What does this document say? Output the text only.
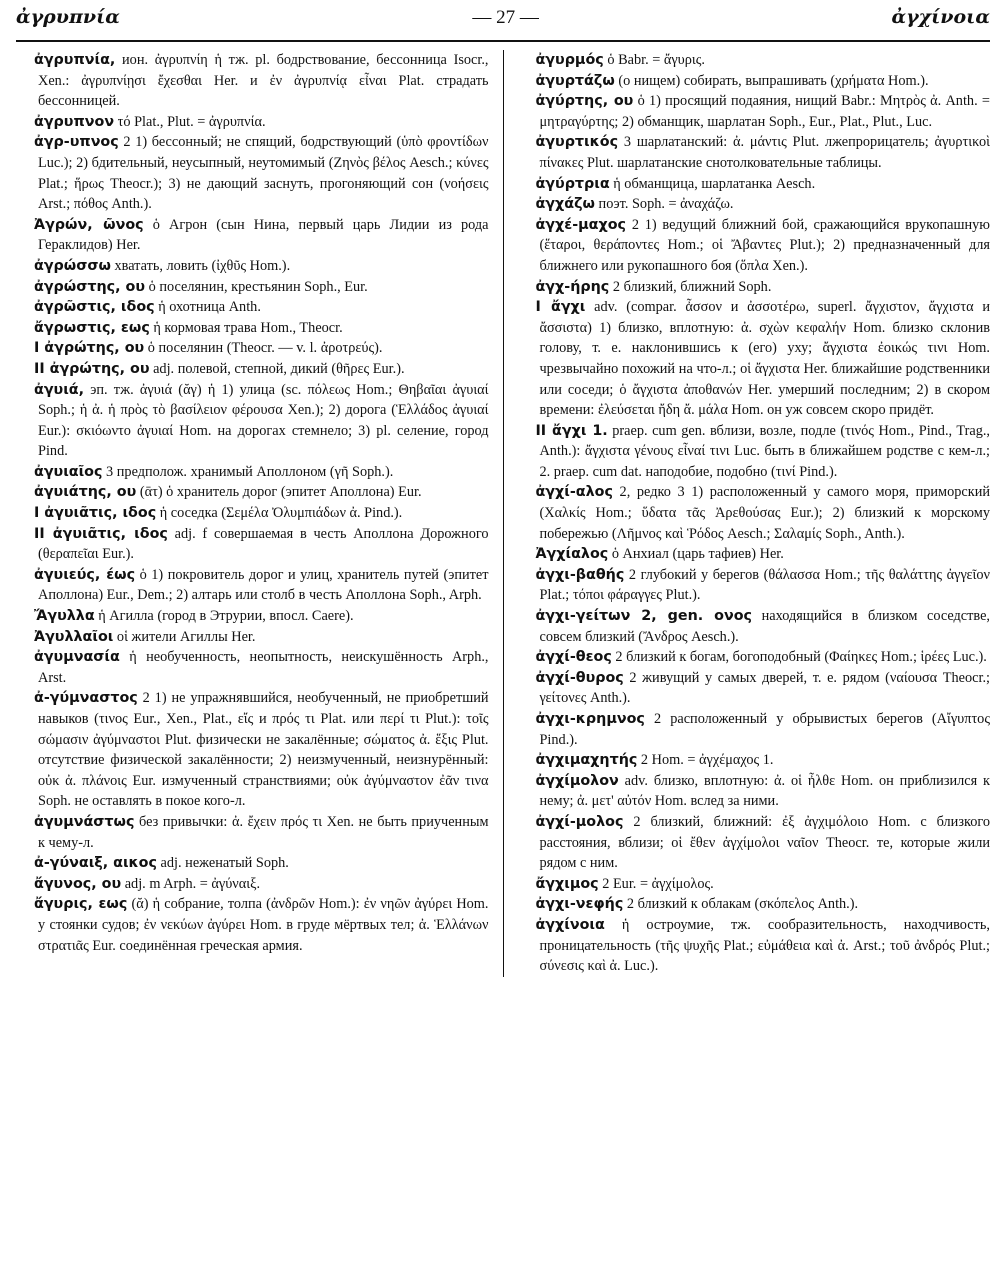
ἀγρυπνία	— 27 —	ἀγχίνοια

ἀγρυπνία, ион. ἀγρυπνίη ἡ тж. pl. бодрствование, бессонница Isocr., Xen.: ἀγρυπνίῃσι ἔχεσθαι Her. и ἐν ἀγρυπνίᾳ εἶναι Plat. страдать бессонницей.

ἀγρυπνον τό Plat., Plut. = ἀγρυπνία.

ἀγρ-υπνος 2 1) бессонный; не спящий, бодрствующий (ὑπὸ φροντίδων Luc.); 2) бдительный, неусыпный, неутомимый (Ζηνὸς βέλος Aesch.; κύνες Plat.; ἥρως Theocr.); 3) не дающий заснуть, прогоняющий сон (νοήσεις Arst.; πόθος Anth.).

Ἀγρών, ῶνος ὁ Агрон (сын Нина, первый царь Лидии из рода Гераклидов) Her.

ἀγρώσσω хватать, ловить (ἰχθῦς Hom.).

ἀγρώστης, ου ὁ поселянин, крестьянин Soph., Eur.

ἀγρῶστις, ιδος ἡ охотница Anth.

ἄγρωστις, εως ἡ кормовая трава Hom., Theocr.

I ἀγρώτης, ου ὁ поселянин (Theocr. — v. l. ἀροτρεύς).

II ἀγρώτης, ου adj. полевой, степной, дикий (θῆρες Eur.).

ἀγυιά, эп. тж. ἀγυιά (ᾰγ) ἡ 1) улица (sc. πόλεως Hom.; Θηβαῖαι ἀγυιαί Soph.; ἡ ἀ. ἡ πρὸς τὸ βασίλειον φέρουσα Xen.); 2) дорога (Ἑλλάδος ἀγυιαί Eur.): σκιόωντο ἀγυιαί Hom. на дорогах стемнело; 3) pl. селение, город Pind.

ἀγυιαῖος 3 предполож. хранимый Аполлоном (γῆ Soph.).

ἀγυιάτης, ου (ᾱτ) ὁ хранитель дорог (эпитет Аполлона) Eur.

I ἀγυιᾶτις, ιδος ἡ соседка (Σεμέλα Ὀλυμπιάδων ἀ. Pind.).

II ἀγυιᾶτις, ιδος adj. f совершаемая в честь Аполлона Дорожного (θεραπεῖαι Eur.).

ἀγυιεύς, έως ὁ 1) покровитель дорог и улиц, хранитель путей (эпитет Аполлона) Eur., Dem.; 2) алтарь или столб в честь Аполлона Soph., Arph.

Ἄγυλλα ἡ Агилла (город в Этрурии, впосл. Caere).

Ἀγυλλαῖοι οἱ жители Агиллы Her.

ἀγυμνασία ἡ необученность, неопытность, неискушённость Arph., Arst.

ἀ-γύμναστος 2 1) не упражнявшийся, необученный, не приобретший навыков (τινος Eur., Xen., Plat., εἴς и πρός τι Plat. или περί τι Plut.): τοῖς σώμασιν ἀγύμναστοι Plut. физически не закалённые; σώματος ἀ. ἕξις Plut. отсутствие физической закалённости; 2) неизмученный, неизнурённый: οὐκ ἀ. πλάνοις Eur. измученный странствиями; οὐκ ἀγύμναστον ἐᾶν τινα Soph. не оставлять в покое кого-л.

ἀγυμνάστως без привычки: ἀ. ἔχειν πρός τι Xen. не быть приученным к чему-л.

ἀ-γύναιξ, αικος adj. неженатый Soph.

ἄγυνος, ου adj. m Arph. = ἀγύναιξ.

ἄγυρις, εως (ᾰ) ἡ собрание, толпа (ἀνδρῶν Hom.): ἐν νηῶν ἀγύρει Hom. у стоянки судов; ἐν νεκύων ἀγύρει Hom. в груде мёртвых тел; ἀ. Ἑλλάνων στρατιᾶς Eur. соединённая греческая армия.

ἀγυρμός ὁ Babr. = ἄγυρις.

ἀγυρτάζω (о нищем) собирать, выпрашивать (χρήματα Hom.).

ἀγύρτης, ου ὁ 1) просящий подаяния, нищий Babr.: Μητρὸς ἀ. Anth. = μητραγύρτης; 2) обманщик, шарлатан Soph., Eur., Plat., Plut., Luc.

ἀγυρτικός 3 шарлатанский: ἀ. μάντις Plut. лжепрорицатель; ἀγυρτικοὶ πίνακες Plut. шарлатанские снотолковательные таблицы.

ἀγύρτρια ἡ обманщица, шарлатанка Aesch.

ἀγχάζω поэт. Soph. = ἀναχάζω.

ἀγχέ-μαχος 2 1) ведущий ближний бой, сражающийся врукопашную (ἕταροι, θεράποντες Hom.; οἱ Ἄβαντες Plut.); 2) предназначенный для ближнего или рукопашного боя (ὅπλα Xen.).

ἀγχ-ήρης 2 близкий, ближний Soph.

I ἄγχι adv. (compar. ἆσσον и ἀσσοτέρω, superl. ἄγχιστον, ἄγχιστα и ἄσσιστα) 1) близко, вплотную: ἀ. σχὼν κεφαλήν Hom. близко склонив голову, т. е. наклонившись к (его) уху; ἄγχιστα ἐοικώς τινι Hom. чрезвычайно похожий на что-л.; οἱ ἄγχιστα Her. ближайшие родственники или соседи; ὁ ἄγχιστα ἀποθανών Her. умерший последним; 2) в скором времени: ἐλεύσεται ἤδη ἄ. μάλα Hom. он уж совсем скоро придёт.

II ἄγχι 1. praep. cum gen. вблизи, возле, подле (τινός Hom., Pind., Trag., Anth.): ἄγχιστα γένους εἶναί τινι Luc. быть в ближайшем родстве с кем-л.; 2. praep. cum dat. наподобие, подобно (τινί Pind.).

ἀγχί-αλος 2, редко 3 1) расположенный у самого моря, приморский (Χαλκίς Hom.; ὕδατα τᾶς Ἀρεθούσας Eur.); 2) близкий к морскому побережью (Λῆμνος καὶ Ῥόδος Aesch.; Σαλαμίς Soph., Anth.).

Ἀγχίαλος ὁ Анхиал (царь тафиев) Her.

ἀγχι-βαθής 2 глубокий у берегов (θάλασσα Hom.; τῆς θαλάττης ἀγγεῖον Plat.; τόποι φάραγγες Plut.).

ἀγχι-γείτων 2, gen. ονος находящийся в близком соседстве, совсем близкий (Ἄνδρος Aesch.).

ἀγχί-θεος 2 близкий к богам, богоподобный (Φαίηκες Hom.; ἱρέες Luc.).

ἀγχί-θυρος 2 живущий у самых дверей, т. е. рядом (ναίουσα Theocr.; γείτονες Anth.).

ἀγχι-κρημνος 2 расположенный у обрывистых берегов (Αἴγυπτος Pind.).

ἀγχιμαχητής 2 Hom. = ἀγχέμαχος 1.

ἀγχίμολον adv. близко, вплотную: ἀ. οἱ ἦλθε Hom. он приблизился к нему; ἀ. μετ' αὐτόν Hom. вслед за ними.

ἀγχί-μολος 2 близкий, ближний: ἐξ ἀγχιμόλοιο Hom. с близкого расстояния, вблизи; οἱ ἔθεν ἀγχίμολοι ναῖον Theocr. те, которые жили рядом с ним.

ἄγχιμος 2 Eur. = ἀγχίμολος.

ἀγχι-νεφής 2 близкий к облакам (σκόπελος Anth.).

ἀγχίνοια ἡ остроумие, тж. сообразительность, находчивость, проницательность (τῆς ψυχῆς Plat.; εὐμάθεια καὶ ἀ. Arst.; τοῦ ἀνδρός Plut.; σύνεσις καὶ ἀ. Luc.).
